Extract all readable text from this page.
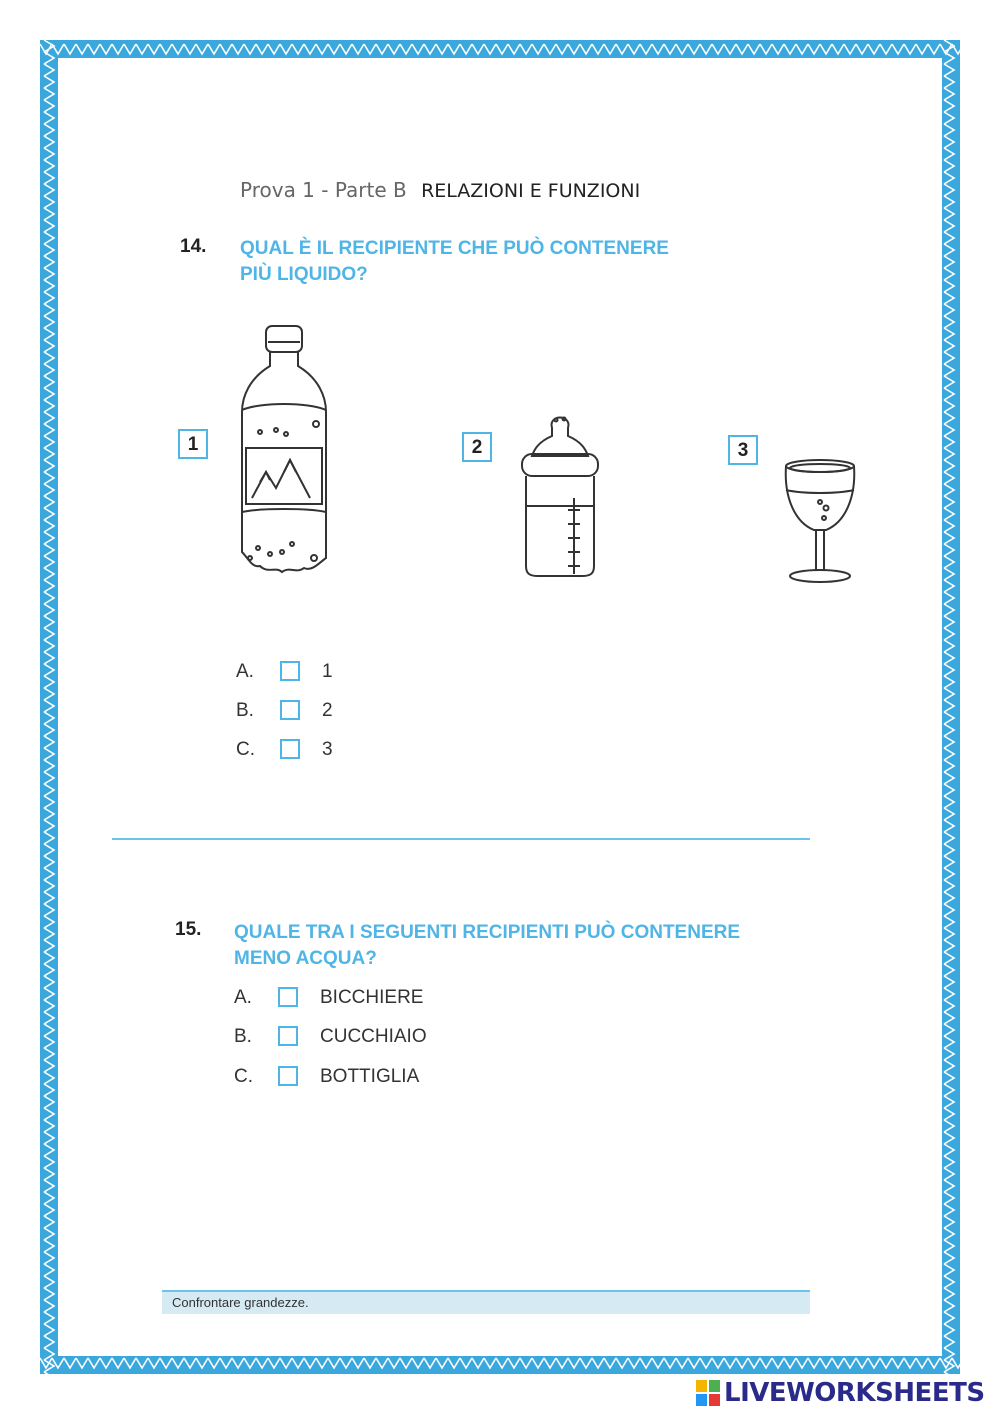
Prova 1 - Parte B RELAZIONI E FUNZIONI
14. QUAL È IL RECIPIENTE CHE PUÒ CONTENERE
PIÙ LIQUIDO?
1	2	3
A.	1
B.	2
C.	3
15. QUALE TRA I SEGUENTI RECIPIENTI PUÒ CONTENERE
MENO ACQUA?
A.	BICCHIERE
B.	CUCCHIAIO
C.	BOTTIGLIA
Confrontare grandezze.
LIVEWORKSHEETS
